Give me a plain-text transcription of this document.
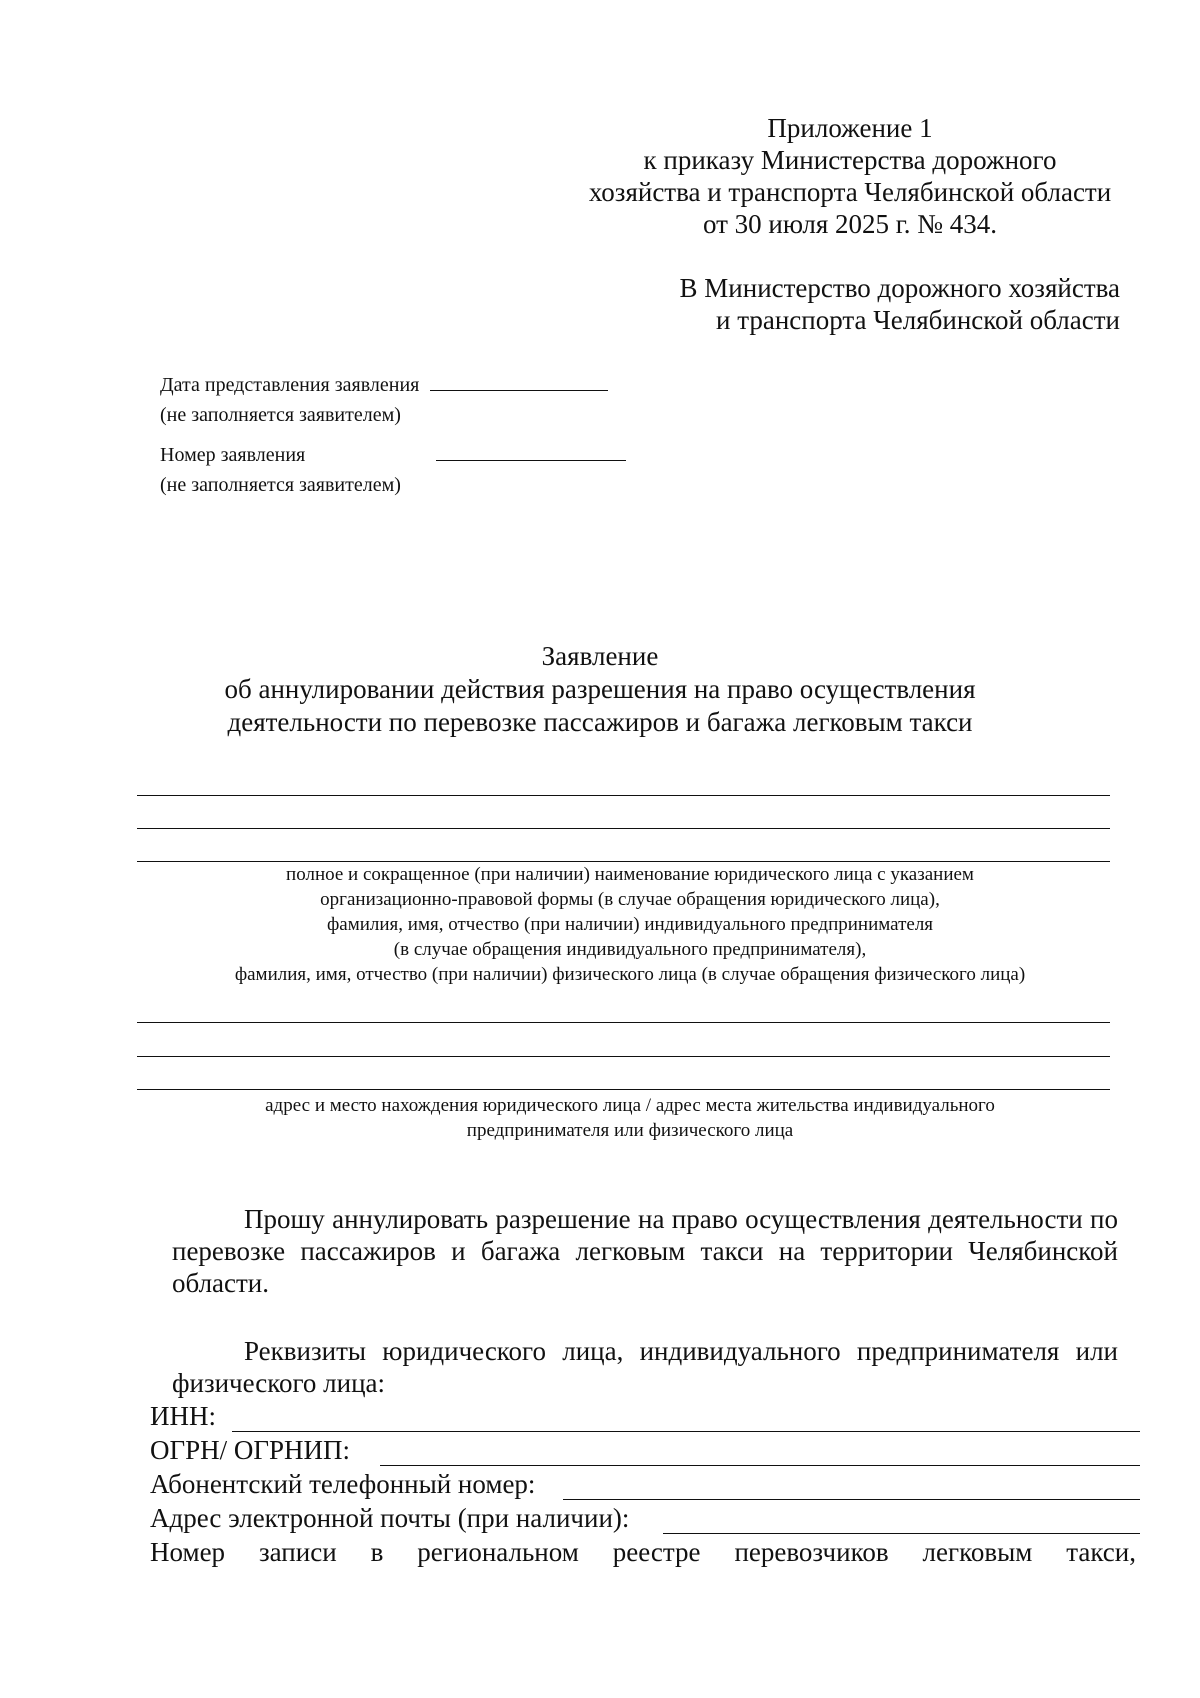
Приложение 1
к приказу Министерства дорожного
хозяйства и транспорта Челябинской области
от 30 июля 2025 г. № 434.
В Министерство дорожного хозяйства
и транспорта Челябинской области
Дата представления заявления
(не заполняется заявителем)
Номер заявления
(не заполняется заявителем)
Заявление
об аннулировании действия разрешения на право осуществления
деятельности по перевозке пассажиров и багажа легковым такси
полное и сокращенное (при наличии) наименование юридического лица с указанием
организационно-правовой формы (в случае обращения юридического лица),
фамилия, имя, отчество (при наличии) индивидуального предпринимателя
(в случае обращения индивидуального предпринимателя),
фамилия, имя, отчество (при наличии) физического лица (в случае обращения физического лица)
адрес и место нахождения юридического лица / адрес места жительства индивидуального
предпринимателя или физического лица
Прошу аннулировать разрешение на право осуществления деятельности по перевозке пассажиров и багажа легковым такси на территории Челябинской области.
Реквизиты юридического лица, индивидуального предпринимателя или физического лица:
ИНН:
ОГРН/ ОГРНИП:
Абонентский телефонный номер:
Адрес электронной почты (при наличии):
Номер записи в региональном реестре перевозчиков легковым такси,
